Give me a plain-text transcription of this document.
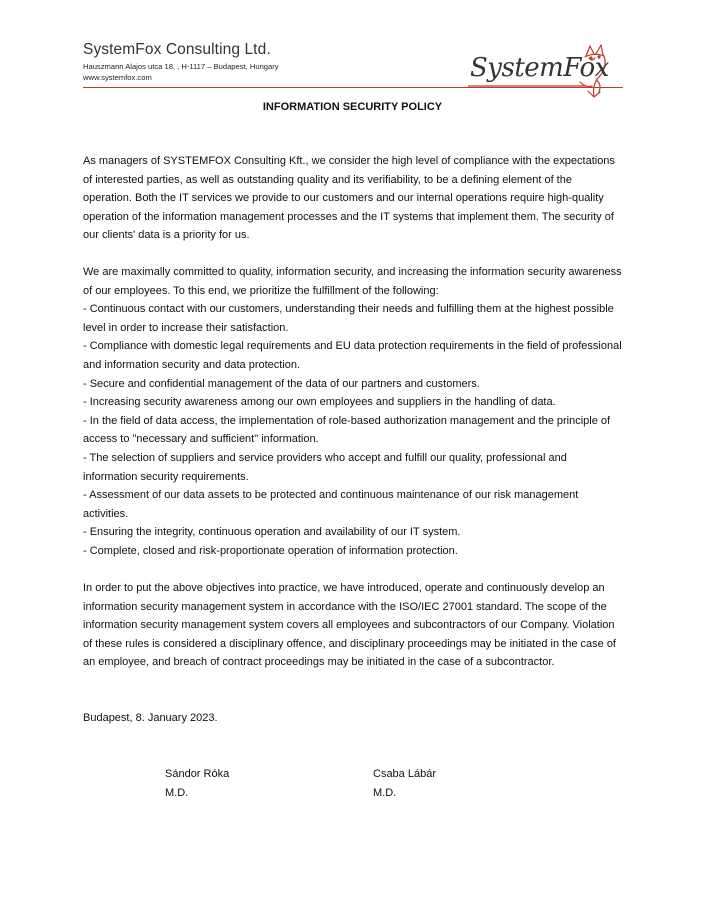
SystemFox Consulting Ltd.
Hauszmann Alajos utca 18. , H-1117 – Budapest, Hungary
www.systemfox.com	SystemFox
INFORMATION SECURITY POLICY
As managers of SYSTEMFOX Consulting Kft., we consider the high level of compliance with the expectations of interested parties, as well as outstanding quality and its verifiability, to be a defining element of the operation. Both the IT services we provide to our customers and our internal operations require high-quality operation of the information management processes and the IT systems that implement them. The security of our clients' data is a priority for us.
We are maximally committed to quality, information security, and increasing the information security awareness of our employees. To this end, we prioritize the fulfillment of the following:
- Continuous contact with our customers, understanding their needs and fulfilling them at the highest possible level in order to increase their satisfaction.
- Compliance with domestic legal requirements and EU data protection requirements in the field of professional and information security and data protection.
- Secure and confidential management of the data of our partners and customers.
- Increasing security awareness among our own employees and suppliers in the handling of data.
- In the field of data access, the implementation of role-based authorization management and the principle of access to "necessary and sufficient" information.
- The selection of suppliers and service providers who accept and fulfill our quality, professional and information security requirements.
- Assessment of our data assets to be protected and continuous maintenance of our risk management activities.
- Ensuring the integrity, continuous operation and availability of our IT system.
- Complete, closed and risk-proportionate operation of information protection.
In order to put the above objectives into practice, we have introduced, operate and continuously develop an information security management system in accordance with the ISO/IEC 27001 standard. The scope of the information security management system covers all employees and subcontractors of our Company. Violation of these rules is considered a disciplinary offence, and disciplinary proceedings may be initiated in the case of an employee, and breach of contract proceedings may be initiated in the case of a subcontractor.
Budapest, 8. January 2023.
Sándor Róka
M.D.
Csaba Lábár
M.D.
